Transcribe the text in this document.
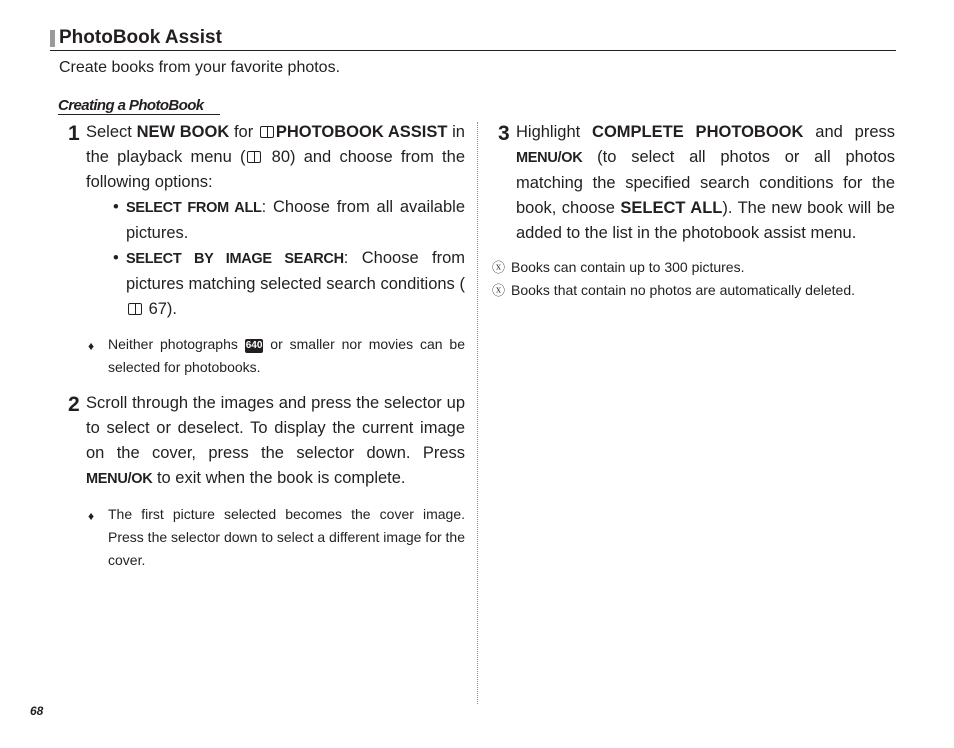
PhotoBook Assist
Create books from your favorite photos.
Creating a PhotoBook
1 Select NEW BOOK for PHOTOBOOK ASSIST in the playback menu ( 80) and choose from the following options:
• SELECT FROM ALL: Choose from all available pictures.
• SELECT BY IMAGE SEARCH: Choose from pictures matching selected search conditions ( 67).
♦ Neither photographs 640 or smaller nor movies can be selected for photobooks.
2 Scroll through the images and press the selector up to select or deselect. To display the current image on the cover, press the selector down. Press MENU/OK to exit when the book is complete.
♦ The first picture selected becomes the cover image. Press the selector down to select a different image for the cover.
3 Highlight COMPLETE PHOTOBOOK and press MENU/OK (to select all photos or all photos matching the specified search conditions for the book, choose SELECT ALL). The new book will be added to the list in the photobook assist menu.
ⓧ Books can contain up to 300 pictures.
ⓧ Books that contain no photos are automatically deleted.
68
